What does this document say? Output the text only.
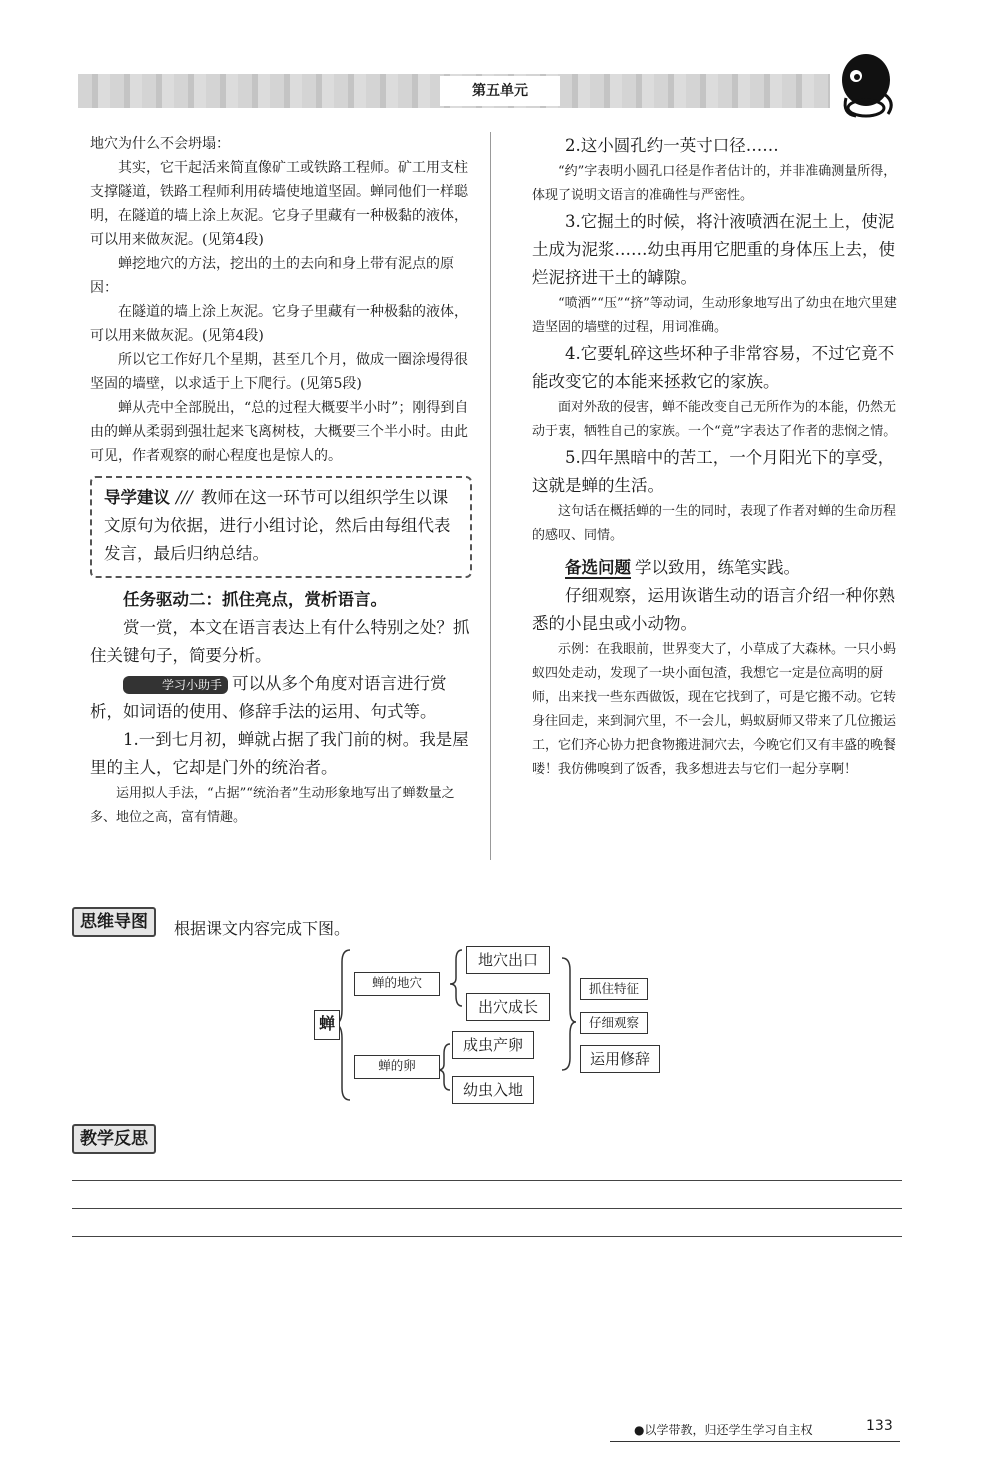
第五单元

地穴为什么不会坍塌：

其实，它干起活来简直像矿工或铁路工程师。矿工用支柱支撑隧道，铁路工程师利用砖墙使地道坚固。蝉同他们一样聪明，在隧道的墙上涂上灰泥。它身子里藏有一种极黏的液体，可以用来做灰泥。(见第4段)

蝉挖地穴的方法，挖出的土的去向和身上带有泥点的原因：

在隧道的墙上涂上灰泥。它身子里藏有一种极黏的液体，可以用来做灰泥。(见第4段)

所以它工作好几个星期，甚至几个月，做成一圈涂墁得很坚固的墙壁，以求适于上下爬行。(见第5段)

蝉从壳中全部脱出，“总的过程大概要半小时”；刚得到自由的蝉从柔弱到强壮起来飞离树枝，大概要三个半小时。由此可见，作者观察的耐心程度也是惊人的。

导学建议 /// 教师在这一环节可以组织学生以课文原句为依据，进行小组讨论，然后由每组代表发言，最后归纳总结。

任务驱动二：抓住亮点，赏析语言。

赏一赏，本文在语言表达上有什么特别之处？抓住关键句子，简要分析。

学习小助手 可以从多个角度对语言进行赏析，如词语的使用、修辞手法的运用、句式等。

1.一到七月初，蝉就占据了我门前的树。我是屋里的主人，它却是门外的统治者。

运用拟人手法，“占据”“统治者”生动形象地写出了蝉数量之多、地位之高，富有情趣。

2.这小圆孔约一英寸口径……

“约”字表明小圆孔口径是作者估计的，并非准确测量所得，体现了说明文语言的准确性与严密性。

3.它掘土的时候，将汁液喷洒在泥土上，使泥土成为泥浆……幼虫再用它肥重的身体压上去，使烂泥挤进干土的罅隙。

“喷洒”“压”“挤”等动词，生动形象地写出了幼虫在地穴里建造坚固的墙壁的过程，用词准确。

4.它要轧碎这些坏种子非常容易，不过它竟不能改变它的本能来拯救它的家族。

面对外敌的侵害，蝉不能改变自己无所作为的本能，仍然无动于衷，牺牲自己的家族。一个“竟”字表达了作者的悲悯之情。

5.四年黑暗中的苦工，一个月阳光下的享受，这就是蝉的生活。

这句话在概括蝉的一生的同时，表现了作者对蝉的生命历程的感叹、同情。

备选问题 学以致用，练笔实践。

仔细观察，运用诙谐生动的语言介绍一种你熟悉的小昆虫或小动物。

示例：在我眼前，世界变大了，小草成了大森林。一只小蚂蚁四处走动，发现了一块小面包渣，我想它一定是位高明的厨师，出来找一些东西做饭，现在它找到了，可是它搬不动。它转身往回走，来到洞穴里，不一会儿，蚂蚁厨师又带来了几位搬运工，它们齐心协力把食物搬进洞穴去，今晚它们又有丰盛的晚餐喽！我仿佛嗅到了饭香，我多想进去与它们一起分享啊！

思维导图	根据课文内容完成下图。
蝉
蝉的地穴
蝉的卵
地穴出口
出穴成长
成虫产卵
幼虫入地
抓住特征
仔细观察
运用修辞
教学反思
●以学带教，归还学生学习自主权	133
